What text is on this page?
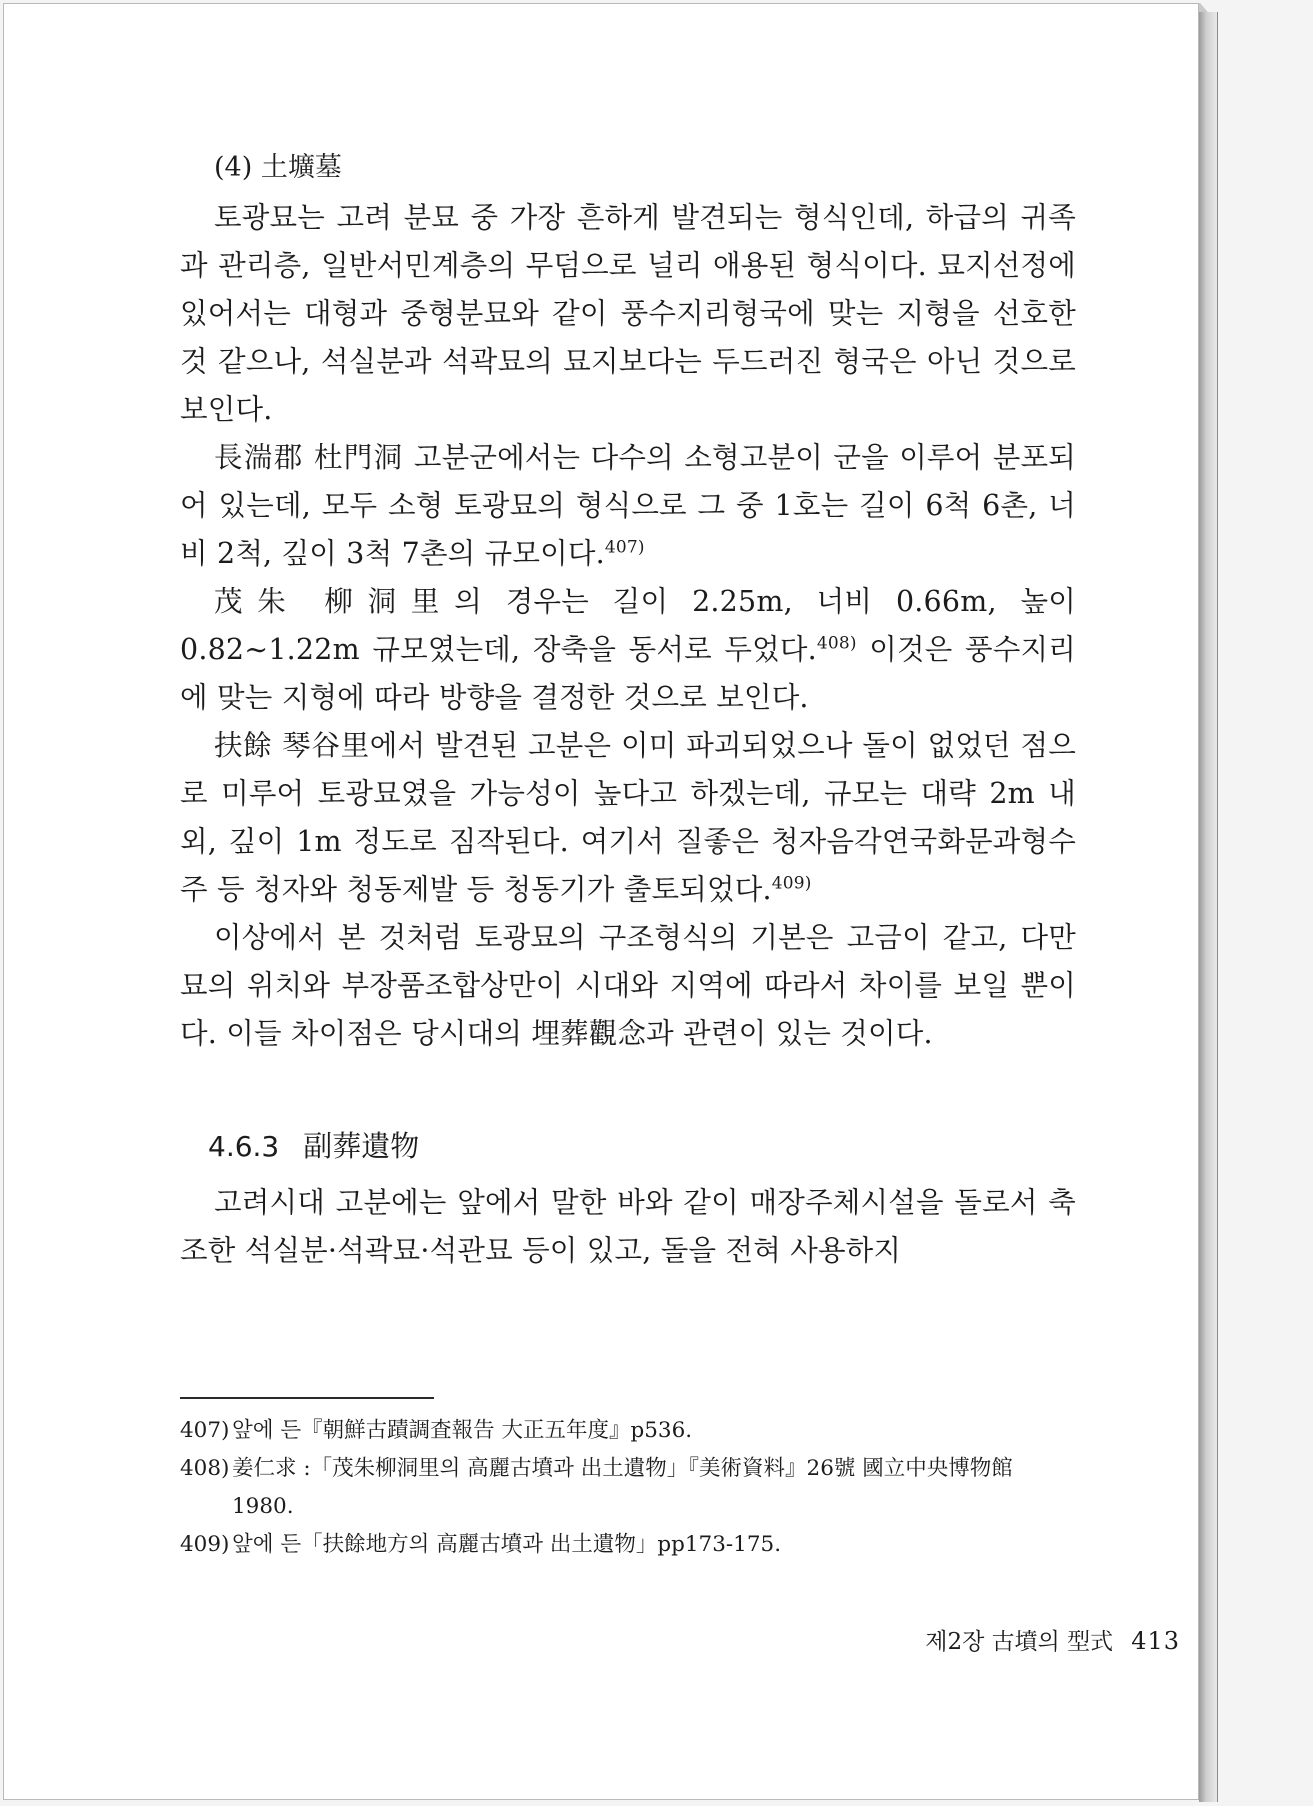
(4) 土壙墓

토광묘는 고려 분묘 중 가장 흔하게 발견되는 형식인데, 하급의 귀족과 관리층, 일반서민계층의 무덤으로 널리 애용된 형식이다. 묘지선정에 있어서는 대형과 중형분묘와 같이 풍수지리형국에 맞는 지형을 선호한 것 같으나, 석실분과 석곽묘의 묘지보다는 두드러진 형국은 아닌 것으로 보인다.

長湍郡 杜門洞 고분군에서는 다수의 소형고분이 군을 이루어 분포되어 있는데, 모두 소형 토광묘의 형식으로 그 중 1호는 길이 6척 6촌, 너비 2척, 깊이 3척 7촌의 규모이다.$^{407)}$

茂朱 柳洞里의 경우는 길이 2.25m, 너비 0.66m, 높이 0.82∼1.22m 규모였는데, 장축을 동서로 두었다.$^{408)}$ 이것은 풍수지리에 맞는 지형에 따라 방향을 결정한 것으로 보인다.

扶餘 琴谷里에서 발견된 고분은 이미 파괴되었으나 돌이 없었던 점으로 미루어 토광묘였을 가능성이 높다고 하겠는데, 규모는 대략 2m 내외, 깊이 1m 정도로 짐작된다. 여기서 질좋은 청자음각연국화문과형수주 등 청자와 청동제발 등 청동기가 출토되었다.$^{409)}$

이상에서 본 것처럼 토광묘의 구조형식의 기본은 고금이 같고, 다만 묘의 위치와 부장품조합상만이 시대와 지역에 따라서 차이를 보일 뿐이다. 이들 차이점은 당시대의 埋葬觀念과 관련이 있는 것이다.

4.6.3 副葬遺物

고려시대 고분에는 앞에서 말한 바와 같이 매장주체시설을 돌로서 축조한 석실분·석곽묘·석관묘 등이 있고, 돌을 전혀 사용하지

407) 앞에 든『朝鮮古蹟調査報告 大正五年度』p536.

408) 姜仁求 :「茂朱柳洞里의 高麗古墳과 出土遺物」『美術資料』26號 國立中央博物館 1980.

409) 앞에 든「扶餘地方의 高麗古墳과 出土遺物」pp173-175.

제2장 古墳의 型式 413
